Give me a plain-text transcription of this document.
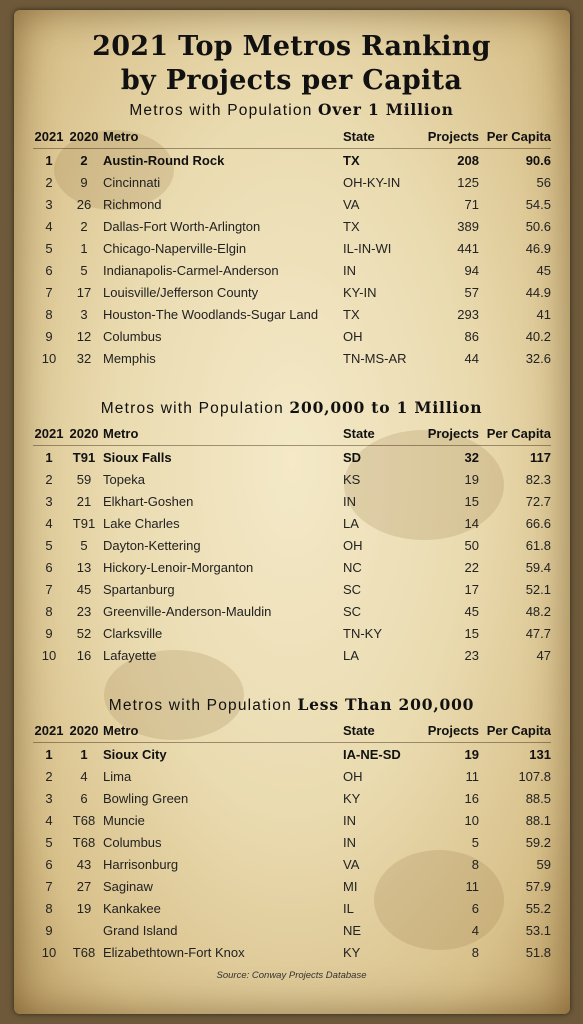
2021 Top Metros Ranking
by Projects per Capita
Metros with Population Over 1 Million
2021	2020	Metro	State	Projects	Per Capita
1	2	Austin-Round Rock	TX	208	90.6
2	9	Cincinnati	OH-KY-IN	125	56
3	26	Richmond	VA	71	54.5
4	2	Dallas-Fort Worth-Arlington	TX	389	50.6
5	1	Chicago-Naperville-Elgin	IL-IN-WI	441	46.9
6	5	Indianapolis-Carmel-Anderson	IN	94	45
7	17	Louisville/Jefferson County	KY-IN	57	44.9
8	3	Houston-The Woodlands-Sugar Land	TX	293	41
9	12	Columbus	OH	86	40.2
10	32	Memphis	TN-MS-AR	44	32.6
Metros with Population 200,000 to 1 Million
2021	2020	Metro	State	Projects	Per Capita
1	T91	Sioux Falls	SD	32	117
2	59	Topeka	KS	19	82.3
3	21	Elkhart-Goshen	IN	15	72.7
4	T91	Lake Charles	LA	14	66.6
5	5	Dayton-Kettering	OH	50	61.8
6	13	Hickory-Lenoir-Morganton	NC	22	59.4
7	45	Spartanburg	SC	17	52.1
8	23	Greenville-Anderson-Mauldin	SC	45	48.2
9	52	Clarksville	TN-KY	15	47.7
10	16	Lafayette	LA	23	47
Metros with Population Less Than 200,000
2021	2020	Metro	State	Projects	Per Capita
1	1	Sioux City	IA-NE-SD	19	131
2	4	Lima	OH	11	107.8
3	6	Bowling Green	KY	16	88.5
4	T68	Muncie	IN	10	88.1
5	T68	Columbus	IN	5	59.2
6	43	Harrisonburg	VA	8	59
7	27	Saginaw	MI	11	57.9
8	19	Kankakee	IL	6	55.2
9		Grand Island	NE	4	53.1
10	T68	Elizabethtown-Fort Knox	KY	8	51.8
Source: Conway Projects Database
